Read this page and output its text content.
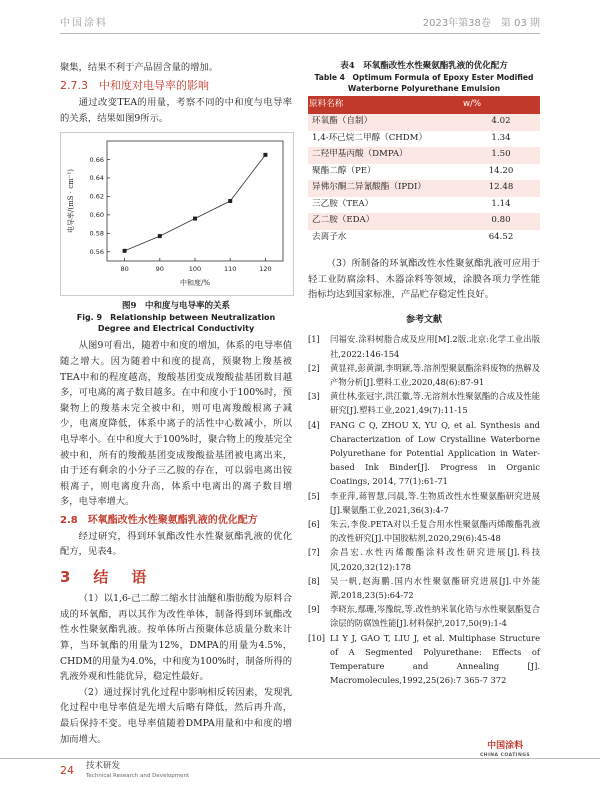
中国涂料	2023年第38卷　第 03 期

聚集，结果不利于产品固含量的增加。

2.7.3　中和度对电导率的影响

通过改变TEA的用量，考察不同的中和度与电导率的关系，结果如图9所示。

80	90	100	110	120
0.56
0.58
0.60
0.62
0.64
0.66
中和度/%
电导率/(mS · cm⁻¹)
图9　中和度与电导率的关系
Fig. 9　Relationship between Neutralization Degree and Electrical Conductivity

从图9可看出，随着中和度的增加，体系的电导率值随之增大。因为随着中和度的提高，预聚物上羧基被TEA中和的程度越高，羧酸基团变成羧酸盐基团数目越多，可电离的离子数目越多。在中和度小于100%时，预聚物上的羧基未完全被中和，则可电离羧酸根离子减少，电离度降低，体系中离子的活性中心数减小，所以电导率小。在中和度大于100%时，聚合物上的羧基完全被中和，所有的羧酸基团变成羧酸盐基团被电离出来，由于还有剩余的小分子三乙胺的存在，可以弱电离出铵根离子，则电离度升高，体系中电离出的离子数目增多，电导率增大。

2.8　环氧酯改性水性聚氨酯乳液的优化配方

经过研究，得到环氧酯改性水性聚氨酯乳液的优化配方，见表4。

3　结　语

（1）以1,6-己二醇二缩水甘油醚和脂肪酸为原料合成的环氧酯，再以其作为改性单体，制备得到环氧酯改性水性聚氨酯乳液。按单体所占预聚体总质量分数来计算，当环氧酯的用量为12%，DMPA的用量为4.5%，CHDM的用量为4.0%，中和度为100%时，制备所得的乳液外观和性能优异，稳定性最好。

（2）通过探讨乳化过程中影响相反转因素，发现乳化过程中电导率值是先增大后略有降低，然后再升高，最后保持不变。电导率值随着DMPA用量和中和度的增加而增大。

表4　环氧酯改性水性聚氨酯乳液的优化配方
Table 4　Optimum Formula of Epoxy Ester Modified Waterborne Polyurethane Emulsion
原料名称	w/%
环氧酯（自制）	4.02
1,4-环己烷二甲醇（CHDM）	1.34
二羟甲基丙酸（DMPA）	1.50
聚酯二醇（PE）	14.20
异佛尔酮二异氰酸酯（IPDI）	12.48
三乙胺（TEA）	1.14
乙二胺（EDA）	0.80
去离子水	64.52

（3）所制备的环氧酯改性水性聚氨酯乳液可应用于轻工业防腐涂料、木器涂料等领域，涂膜各项力学性能指标均达到国家标准，产品贮存稳定性良好。

参考文献
[1]	闫福安.涂料树脂合成及应用[M].2版.北京:化学工业出版社,2022:146-154
[2]	黄显祥,彭黄湖,李明颖,等.溶剂型聚氨酯涂料废物的热解及产物分析[J].塑料工业,2020,48(6):87-91
[3]	黄仕林,张冠宇,洪江徽,等.无溶剂水性聚氨酯的合成及性能研究[J].塑料工业,2021,49(7):11-15
[4]	FANG C Q, ZHOU X, YU Q, et al. Synthesis and Characterization of Low Crystalline Waterborne Polyurethane for Potential Application in Water-based Ink Binder[J]. Progress in Organic Coatings, 2014, 77(1):61-71
[5]	李亚萍,蒋智慧,闫晨,等.生物质改性水性聚氨酯研究进展[J].聚氨酯工业,2021,36(3):4-7
[6]	朱云,李俊.PETA对以壬复合用水性聚氨酯丙烯酸酯乳液的改性研究[J].中国胶粘剂,2020,29(6):45-48
[7]	余昌宏.水性丙烯酸酯涂料改性研究进展[J].科技风,2020,32(12):178
[8]	吴一帆,赵海鹏.国内水性聚氨酯研究进展[J].中外能源,2018,23(5):64-72
[9]	李晓东,鄢珊,岑豫皖,等.改性纳米氧化锆与水性聚氨酯复合涂层的防腐蚀性能[J].材料保护,2017,50(9):1-4
[10] LI Y J, GAO T, LIU J, et al. Multiphase Structure of A Segmented Polyurethane: Effects of Temperature and Annealing [J]. Macromolecules,1992,25(26):7 365-7 372
中国涂料
CHINA COATINGS
24 技术研发
Technical Research and Development
